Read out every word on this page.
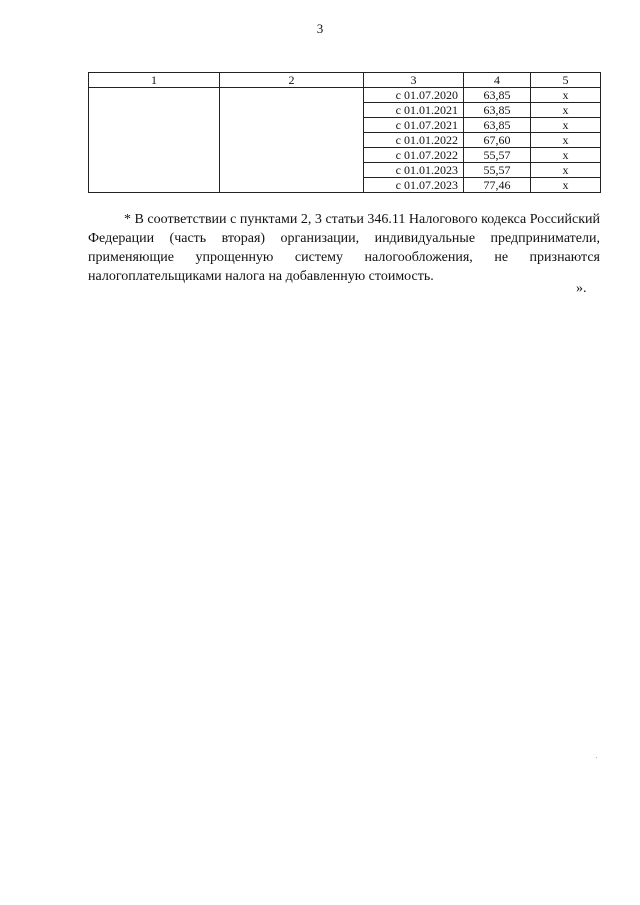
3
1	2	3	4	5
		с 01.07.2020	63,85	x
		с 01.01.2021	63,85	x
		с 01.07.2021	63,85	x
		с 01.01.2022	67,60	x
		с 01.07.2022	55,57	x
		с 01.01.2023	55,57	x
		с 01.07.2023	77,46	x

* В соответствии с пунктами 2, 3 статьи 346.11 Налогового кодекса Российский Федерации (часть вторая) организации, индивидуальные предприниматели, применяющие упрощенную систему налогообложения, не признаются налогоплательщиками налога на добавленную стоимость.

».
